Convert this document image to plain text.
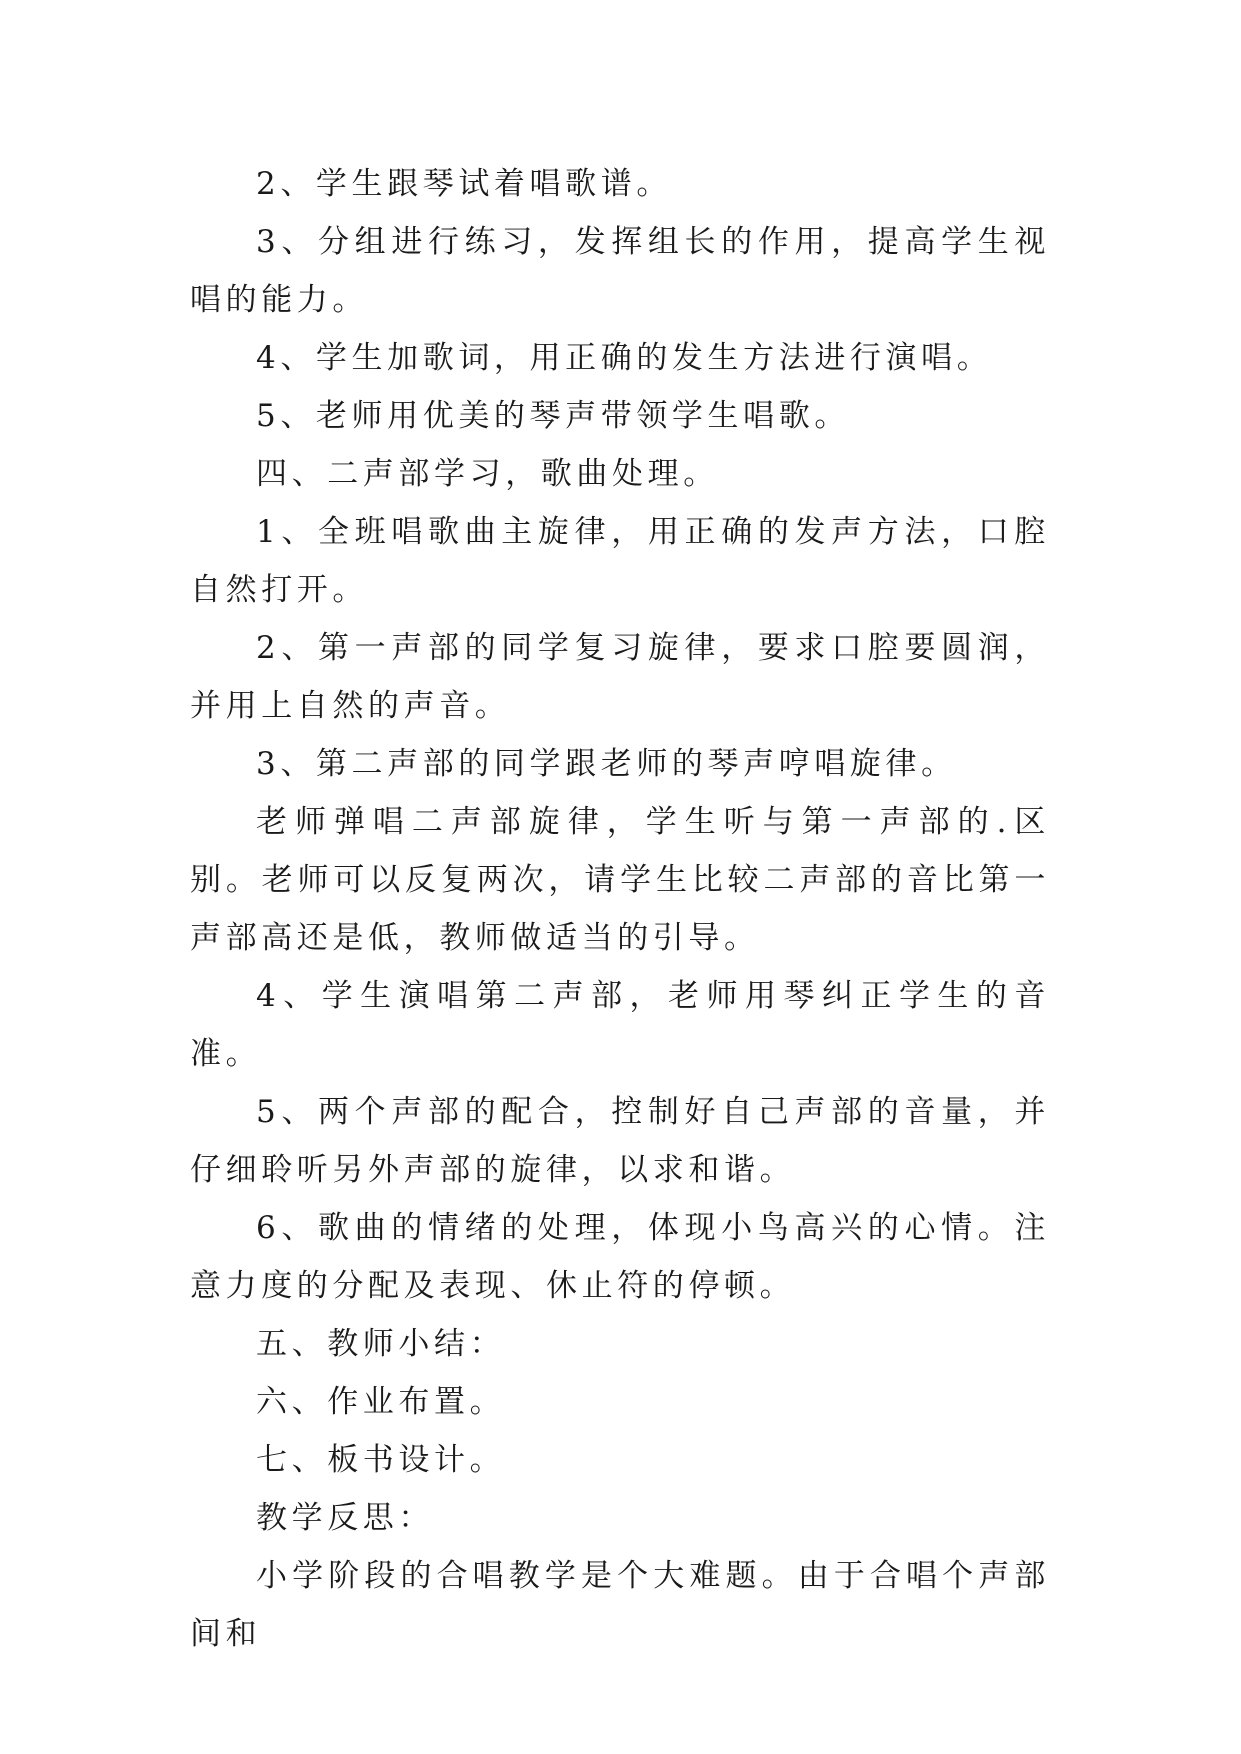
2、学生跟琴试着唱歌谱。

3、分组进行练习，发挥组长的作用，提高学生视唱的能力。

4、学生加歌词，用正确的发生方法进行演唱。

5、老师用优美的琴声带领学生唱歌。

四、二声部学习，歌曲处理。

1、全班唱歌曲主旋律，用正确的发声方法，口腔自然打开。

2、第一声部的同学复习旋律，要求口腔要圆润，并用上自然的声音。

3、第二声部的同学跟老师的琴声哼唱旋律。

老师弹唱二声部旋律，学生听与第一声部的.区别。老师可以反复两次，请学生比较二声部的音比第一声部高还是低，教师做适当的引导。

4、学生演唱第二声部，老师用琴纠正学生的音准。

5、两个声部的配合，控制好自己声部的音量，并仔细聆听另外声部的旋律，以求和谐。

6、歌曲的情绪的处理，体现小鸟高兴的心情。注意力度的分配及表现、休止符的停顿。

五、教师小结：

六、作业布置。

七、板书设计。

教学反思：

小学阶段的合唱教学是个大难题。由于合唱个声部间和
